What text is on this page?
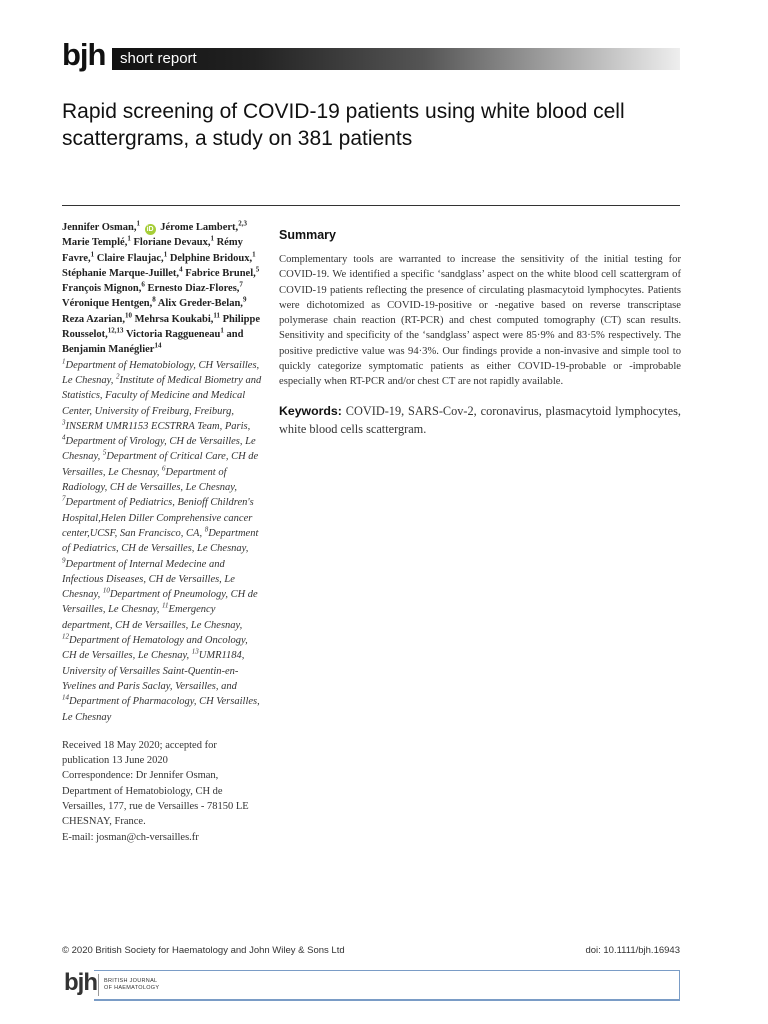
bjh short report
Rapid screening of COVID-19 patients using white blood cell scattergrams, a study on 381 patients
Jennifer Osman,$^1$ iD Jérome Lambert,$^{2,3}$ Marie Templé,$^1$ Floriane Devaux,$^1$ Rémy Favre,$^1$ Claire Flaujac,$^1$ Delphine Bridoux,$^1$ Stéphanie Marque-Juillet,$^4$ Fabrice Brunel,$^5$ François Mignon,$^6$ Ernesto Diaz-Flores,$^7$ Véronique Hentgen,$^8$ Alix Greder-Belan,$^9$ Reza Azarian,$^{10}$ Mehrsa Koukabi,$^{11}$ Philippe Rousselot,$^{12,13}$ Victoria Raggueneau$^1$ and Benjamin Manéglier$^{14}$
$^1$Department of Hematobiology, CH Versailles, Le Chesnay, $^2$Institute of Medical Biometry and Statistics, Faculty of Medicine and Medical Center, University of Freiburg, Freiburg, $^3$INSERM UMR1153 ECSTRRA Team, Paris, $^4$Department of Virology, CH de Versailles, Le Chesnay, $^5$Department of Critical Care, CH de Versailles, Le Chesnay, $^6$Department of Radiology, CH de Versailles, Le Chesnay, $^7$Department of Pediatrics, Benioff Children's Hospital,Helen Diller Comprehensive cancer center,UCSF, San Francisco, CA, $^8$Department of Pediatrics, CH de Versailles, Le Chesnay, $^9$Department of Internal Medecine and Infectious Diseases, CH de Versailles, Le Chesnay, $^{10}$Department of Pneumology, CH de Versailles, Le Chesnay, $^{11}$Emergency department, CH de Versailles, Le Chesnay, $^{12}$Department of Hematology and Oncology, CH de Versailles, Le Chesnay, $^{13}$UMR1184, University of Versailles Saint-Quentin-en-Yvelines and Paris Saclay, Versailles, and $^{14}$Department of Pharmacology, CH Versailles, Le Chesnay
Received 18 May 2020; accepted for publication 13 June 2020
Correspondence: Dr Jennifer Osman, Department of Hematobiology, CH de Versailles, 177, rue de Versailles - 78150 LE CHESNAY, France.
E-mail: josman@ch-versailles.fr
Summary

Complementary tools are warranted to increase the sensitivity of the initial testing for COVID-19. We identified a specific ‘sandglass’ aspect on the white blood cell scattergram of COVID-19 patients reflecting the presence of circulating plasmacytoid lymphocytes. Patients were dichotomized as COVID-19-positive or -negative based on reverse transcriptase polymerase chain reaction (RT-PCR) and chest computed tomography (CT) scan results. Sensitivity and specificity of the ‘sandglass’ aspect were 85·9% and 83·5% respectively. The positive predictive value was 94·3%. Our findings provide a non-invasive and simple tool to quickly categorize symptomatic patients as either COVID-19-probable or -improbable especially when RT-PCR and/or chest CT are not rapidly available.

Keywords: COVID-19, SARS-Cov-2, coronavirus, plasmacytoid lymphocytes, white blood cells scattergram.

© 2020 British Society for Haematology and John Wiley & Sons Ltd	doi: 10.1111/bjh.16943
bjh BRITISH JOURNAL
OF HAEMATOLOGY
